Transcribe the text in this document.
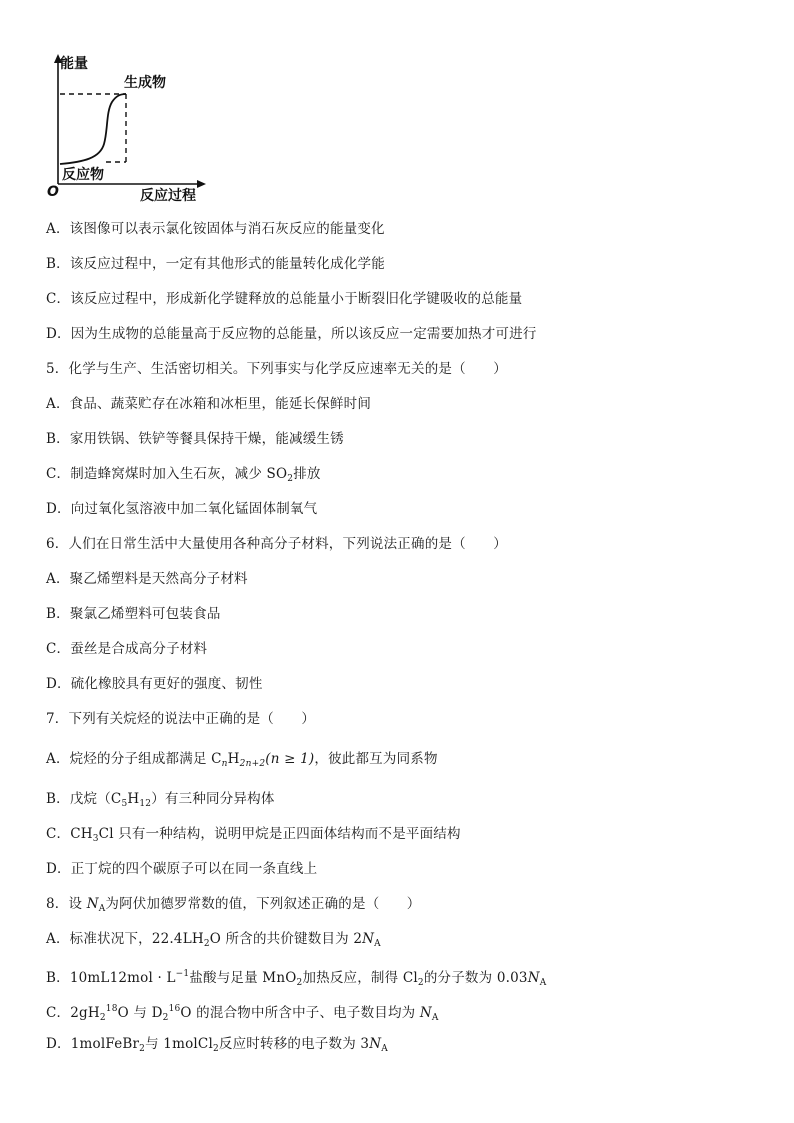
能量
生成物
反应物
O	反应过程
A．该图像可以表示氯化铵固体与消石灰反应的能量变化
B．该反应过程中，一定有其他形式的能量转化成化学能
C．该反应过程中，形成新化学键释放的总能量小于断裂旧化学键吸收的总能量
D．因为生成物的总能量高于反应物的总能量，所以该反应一定需要加热才可进行
5．化学与生产、生活密切相关。下列事实与化学反应速率无关的是（　　）
A．食品、蔬菜贮存在冰箱和冰柜里，能延长保鲜时间
B．家用铁锅、铁铲等餐具保持干燥，能减缓生锈
C．制造蜂窝煤时加入生石灰，减少 $SO_2$排放
D．向过氧化氢溶液中加二氧化锰固体制氧气
6．人们在日常生活中大量使用各种高分子材料，下列说法正确的是（　　）
A．聚乙烯塑料是天然高分子材料
B．聚氯乙烯塑料可包装食品
C．蚕丝是合成高分子材料
D．硫化橡胶具有更好的强度、韧性
7．下列有关烷烃的说法中正确的是（　　）
A．烷烃的分子组成都满足 $C_nH_{2n+2}(n \ge 1)$，彼此都互为同系物
B．戊烷$(C_5H_{12})$有三种同分异构体
C．$CH_3Cl$ 只有一种结构，说明甲烷是正四面体结构而不是平面结构
D．正丁烷的四个碳原子可以在同一条直线上
8．设 $N_A$为阿伏加德罗常数的值，下列叙述正确的是（　　）
A．标准状况下，$22.4LH_2O$ 所含的共价键数目为 $2N_A$
B．$10mL12mol \cdot L^{-1}$盐酸与足量 MnO$_2$加热反应，制得 $Cl_2$的分子数为 $0.03N_A$
C．$2gH_2^{18}O$ 与 $D_2^{16}O$ 的混合物中所含中子、电子数目均为 $N_A$
D．1molFeBr$_2$与 1molCl$_2$反应时转移的电子数为 $3N_A$
